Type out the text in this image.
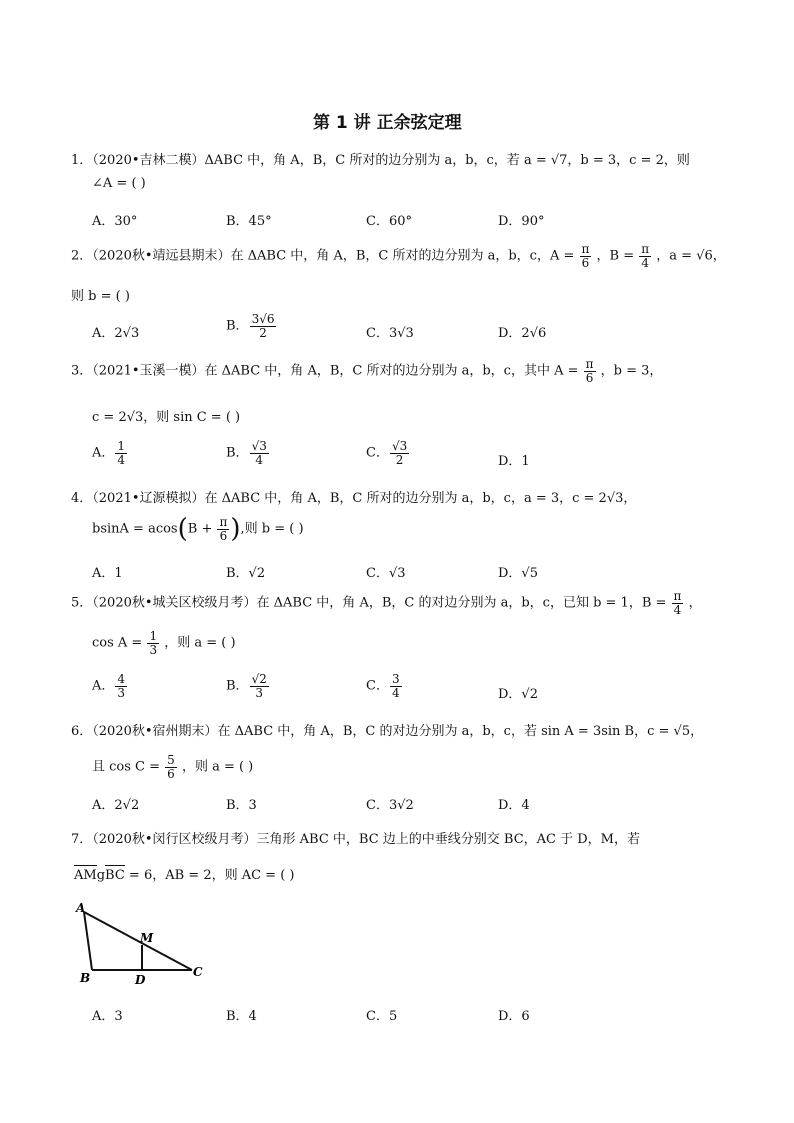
第 1 讲 正余弦定理
1．（2020•吉林二模）ΔABC 中，角 A，B，C 所对的边分别为 a，b，c，若 a = √7，b = 3，c = 2，则
∠A = ( )
A．30°	B．45°	C．60°	D．90°
2．（2020秋•靖远县期末）在 ΔABC 中，角 A，B，C 所对的边分别为 a，b，c，$A = \frac{\pi}{6}$ ，$B = \frac{\pi}{4}$ ，a = √6，
则 b = ( )
A．2√3	B． $\frac{3√6}{2}$	C．3√3	D．2√6
3．（2021•玉溪一模）在 ΔABC 中，角 A，B，C 所对的边分别为 a，b，c，其中 $A = \frac{\pi}{6}$ ，b = 3，
c = 2√3，则 sin C = ( )
A． $\frac{1}{4}$	B． $\frac{√3}{4}$	C． $\frac{√3}{2}$	D．1
4．（2021•辽源模拟）在 ΔABC 中，角 A，B，C 所对的边分别为 a，b，c，a = 3，c = 2√3，
$bsinA = acos(B + \frac{\pi}{6}$ ),则 b = ( )
A．1	B．√2	C．√3	D．√5
5．（2020秋•城关区校级月考）在 ΔABC 中，角 A，B，C 的对边分别为 a，b，c，已知 b = 1，$B = \frac{\pi}{4}$ ，
$\cos A = \frac{1}{3}$ ，则 a = ( )
A． $\frac{4}{3}$	B． $\frac{√2}{3}$	C． $\frac{3}{4}$	D．√2
6．（2020秋•宿州期末）在 ΔABC 中，角 A，B，C 的对边分别为 a，b，c，若 sin A = 3sin B，c = √5，
且 $\cos C = \frac{5}{6}$ ，则 a = ( )
A．2√2	B．3	C．3√2	D．4
7．（2020秋•闵行区校级月考）三角形 ABC 中，BC 边上的中垂线分别交 BC，AC 于 D，M，若
AMgBC = 6，AB = 2，则 AC = ( )
A
M
B	D
C
A．3	B．4	C．5	D．6
